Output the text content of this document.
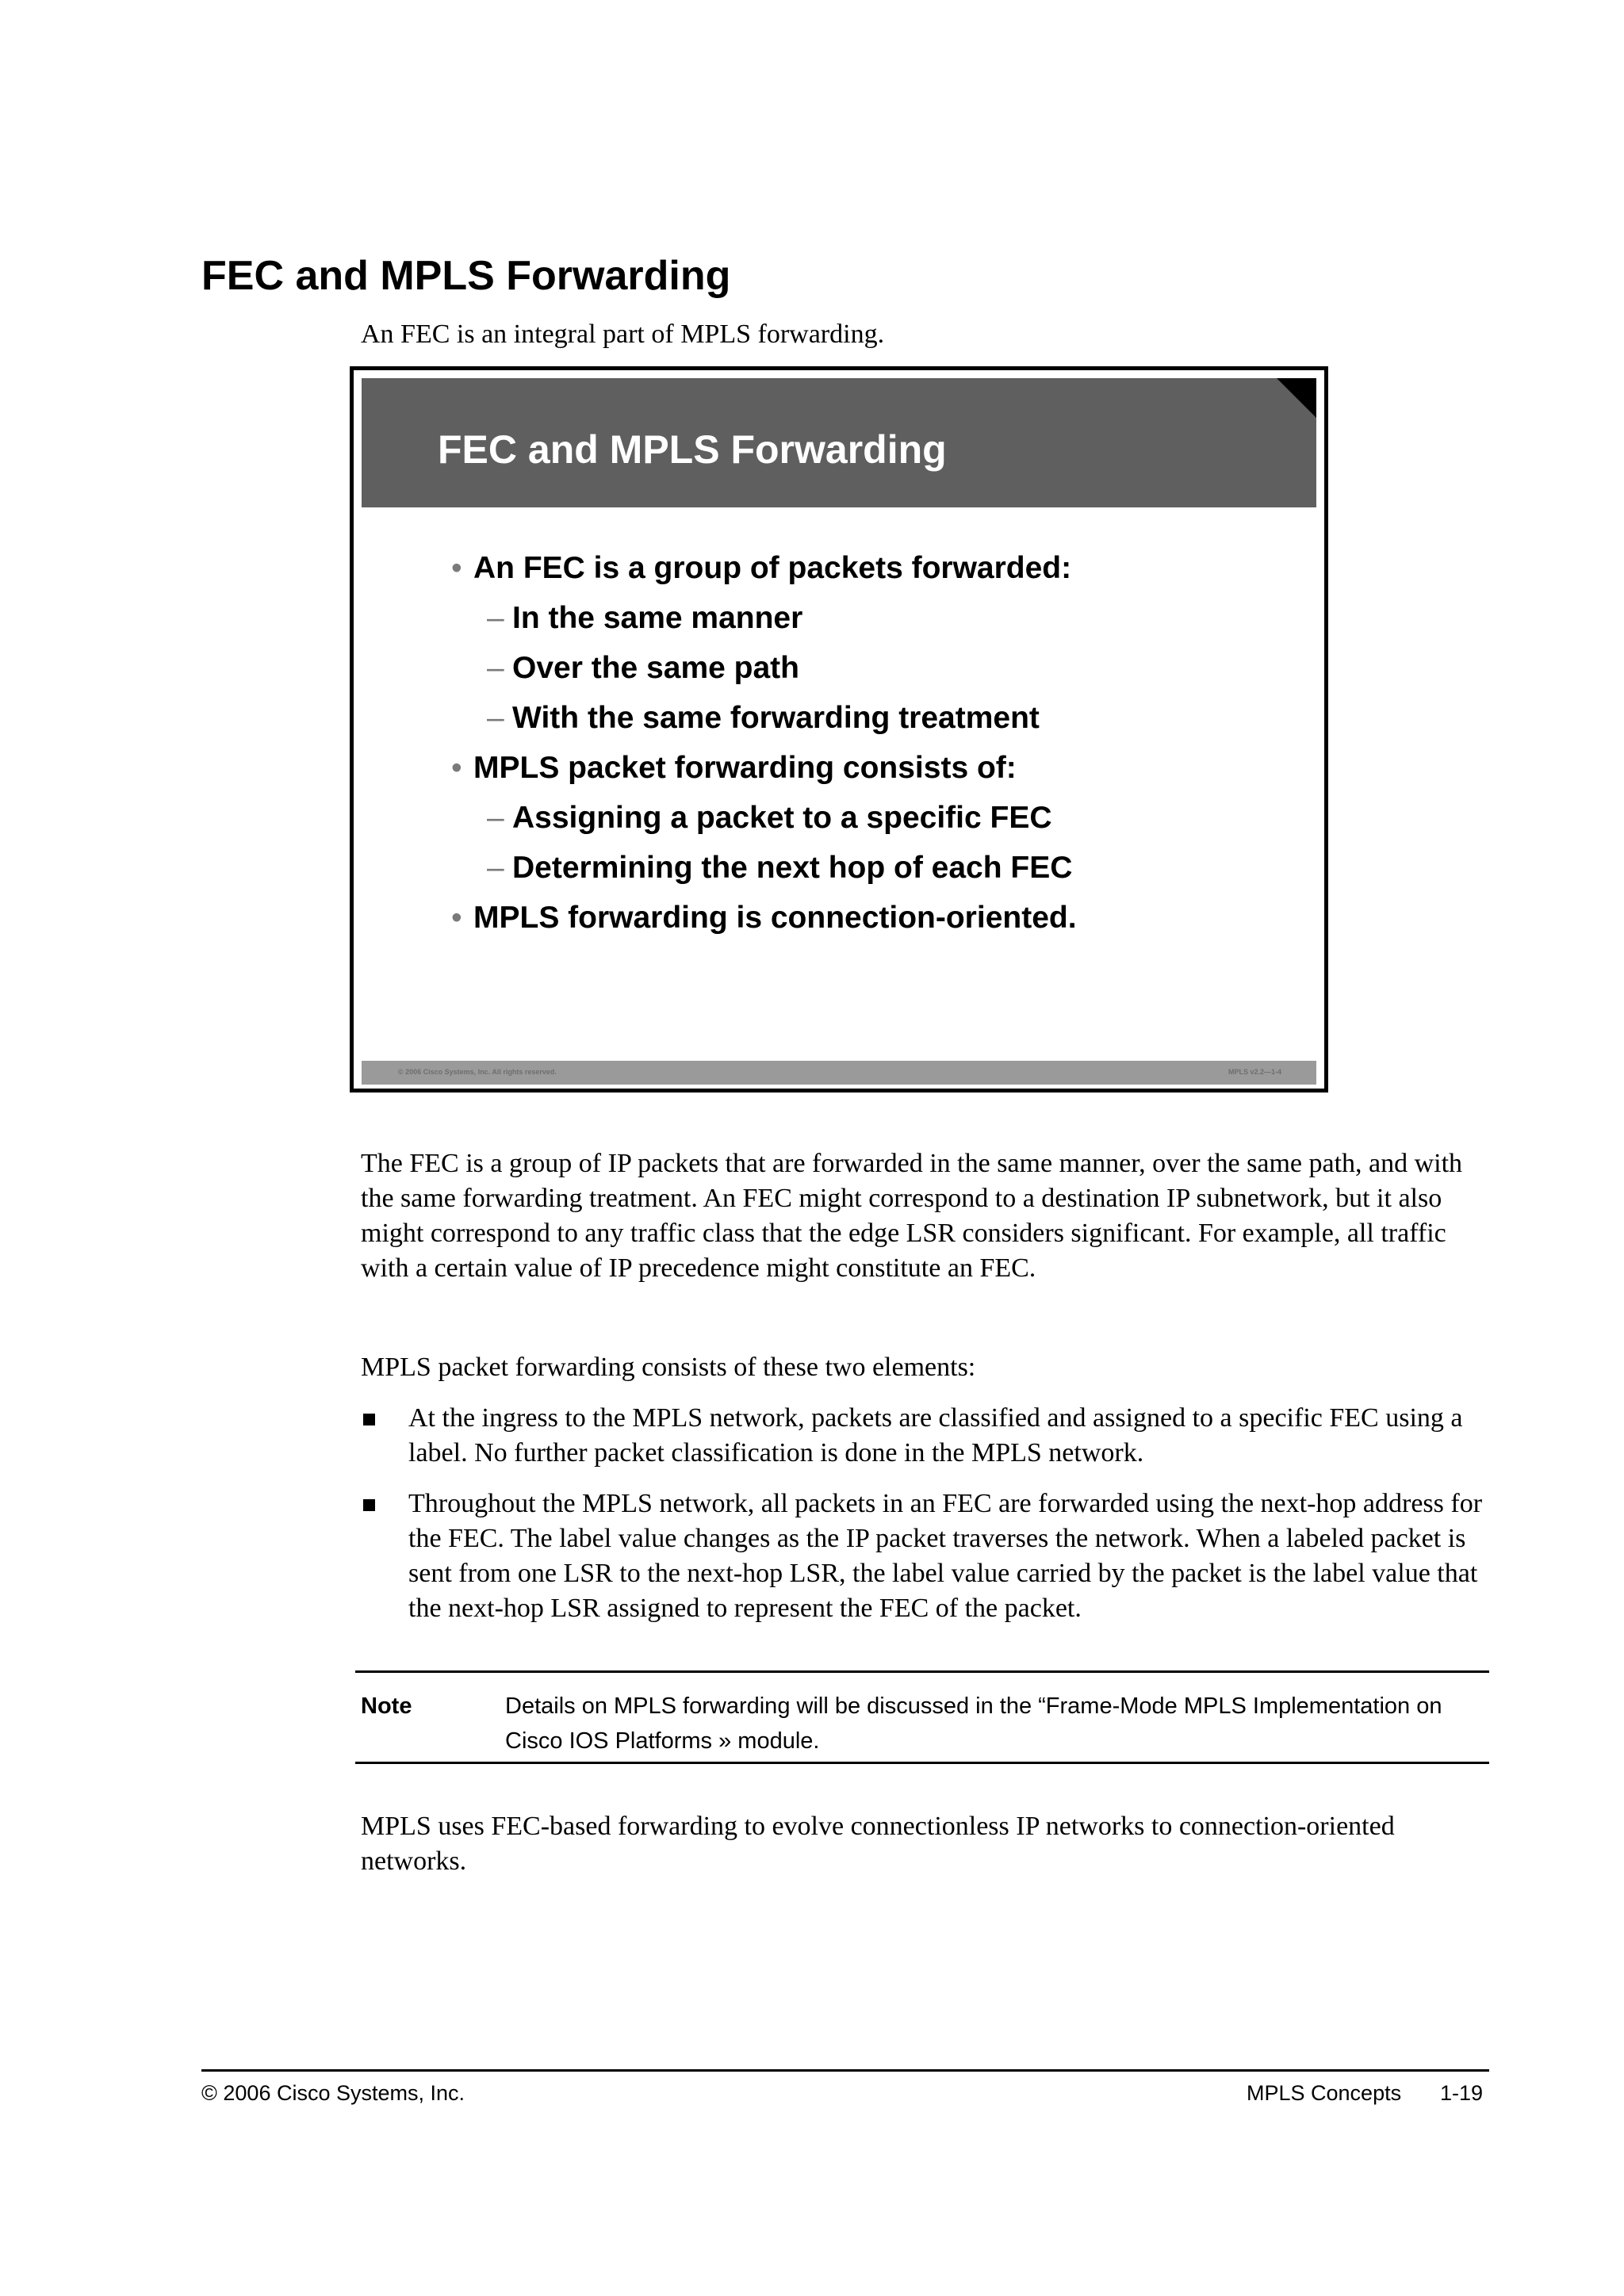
FEC and MPLS Forwarding

An FEC is an integral part of MPLS forwarding.

FEC and MPLS Forwarding
• An FEC is a group of packets forwarded:
– In the same manner
– Over the same path
– With the same forwarding treatment
• MPLS packet forwarding consists of:
– Assigning a packet to a specific FEC
– Determining the next hop of each FEC
• MPLS forwarding is connection-oriented.
© 2006 Cisco Systems, Inc. All rights reserved.	MPLS v2.2—1-4

The FEC is a group of IP packets that are forwarded in the same manner, over the same path, and with the same forwarding treatment. An FEC might correspond to a destination IP subnetwork, but it also might correspond to any traffic class that the edge LSR considers significant. For example, all traffic with a certain value of IP precedence might constitute an FEC.

MPLS packet forwarding consists of these two elements:

At the ingress to the MPLS network, packets are classified and assigned to a specific FEC using a label. No further packet classification is done in the MPLS network.
Throughout the MPLS network, all packets in an FEC are forwarded using the next-hop address for the FEC. The label value changes as the IP packet traverses the network. When a labeled packet is sent from one LSR to the next-hop LSR, the label value carried by the packet is the label value that the next-hop LSR assigned to represent the FEC of the packet.
Note	Details on MPLS forwarding will be discussed in the “Frame-Mode MPLS Implementation on Cisco IOS Platforms » module.

MPLS uses FEC-based forwarding to evolve connectionless IP networks to connection-oriented networks.

© 2006 Cisco Systems, Inc.	MPLS Concepts 1-19
